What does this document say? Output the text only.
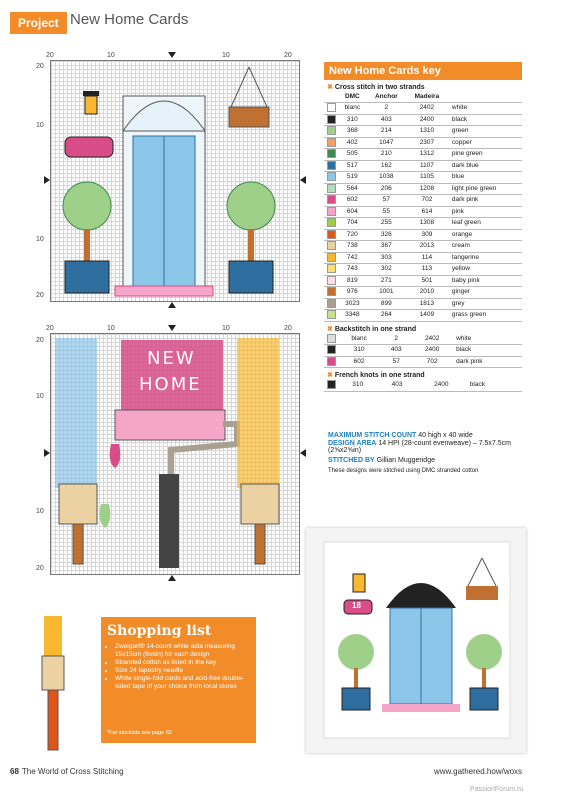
Project New Home Cards
20	10	10	20
20
10
10
20
20	10	10	20
20
10
10
20
NEW
HOME
New Home Cards key
✖ Cross stitch in two strands
	DMC	Anchor	Madeira	
	blanc	2	2402	white
	310	403	2400	black
	368	214	1310	green
	402	1047	2307	copper
	505	210	1312	pine green
	517	162	1107	dark blue
	519	1038	1105	blue
	564	206	1208	light pine green
	602	57	702	dark pink
	604	55	614	pink
	704	255	1308	leaf green
	720	326	309	orange
	738	367	2013	cream
	742	303	114	tangerine
	743	302	113	yellow
	819	271	501	baby pink
	976	1001	2010	ginger
	3023	899	1813	grey
	3348	264	1409	grass green
✖ Backstitch in one strand
	blanc	2	2402	white
	310	403	2400	black
	602	57	702	dark pink
✖ French knots in one strand
	310	403	2400	black
MAXIMUM STITCH COUNT 40 high x 40 wide
DESIGN AREA 14 HPI (28-count evenweave) – 7.5x7.5cm (2⅝x2⅝in)
STITCHED BY Gillian Muggeridge
These designs were stitched using DMC stranded cotton
18
Shopping list
• Zweigart® 14-count white aida measuring 15x15cm (6x6in) for each design
• Stranded cotton as listed in the key
• Size 24 tapestry needle
• White single-fold cards and acid-free double-sided tape of your choice from local stores
*For stockists see page 82
68 The World of Cross Stitching	www.gathered.how/woxs
PassionForum.ru
